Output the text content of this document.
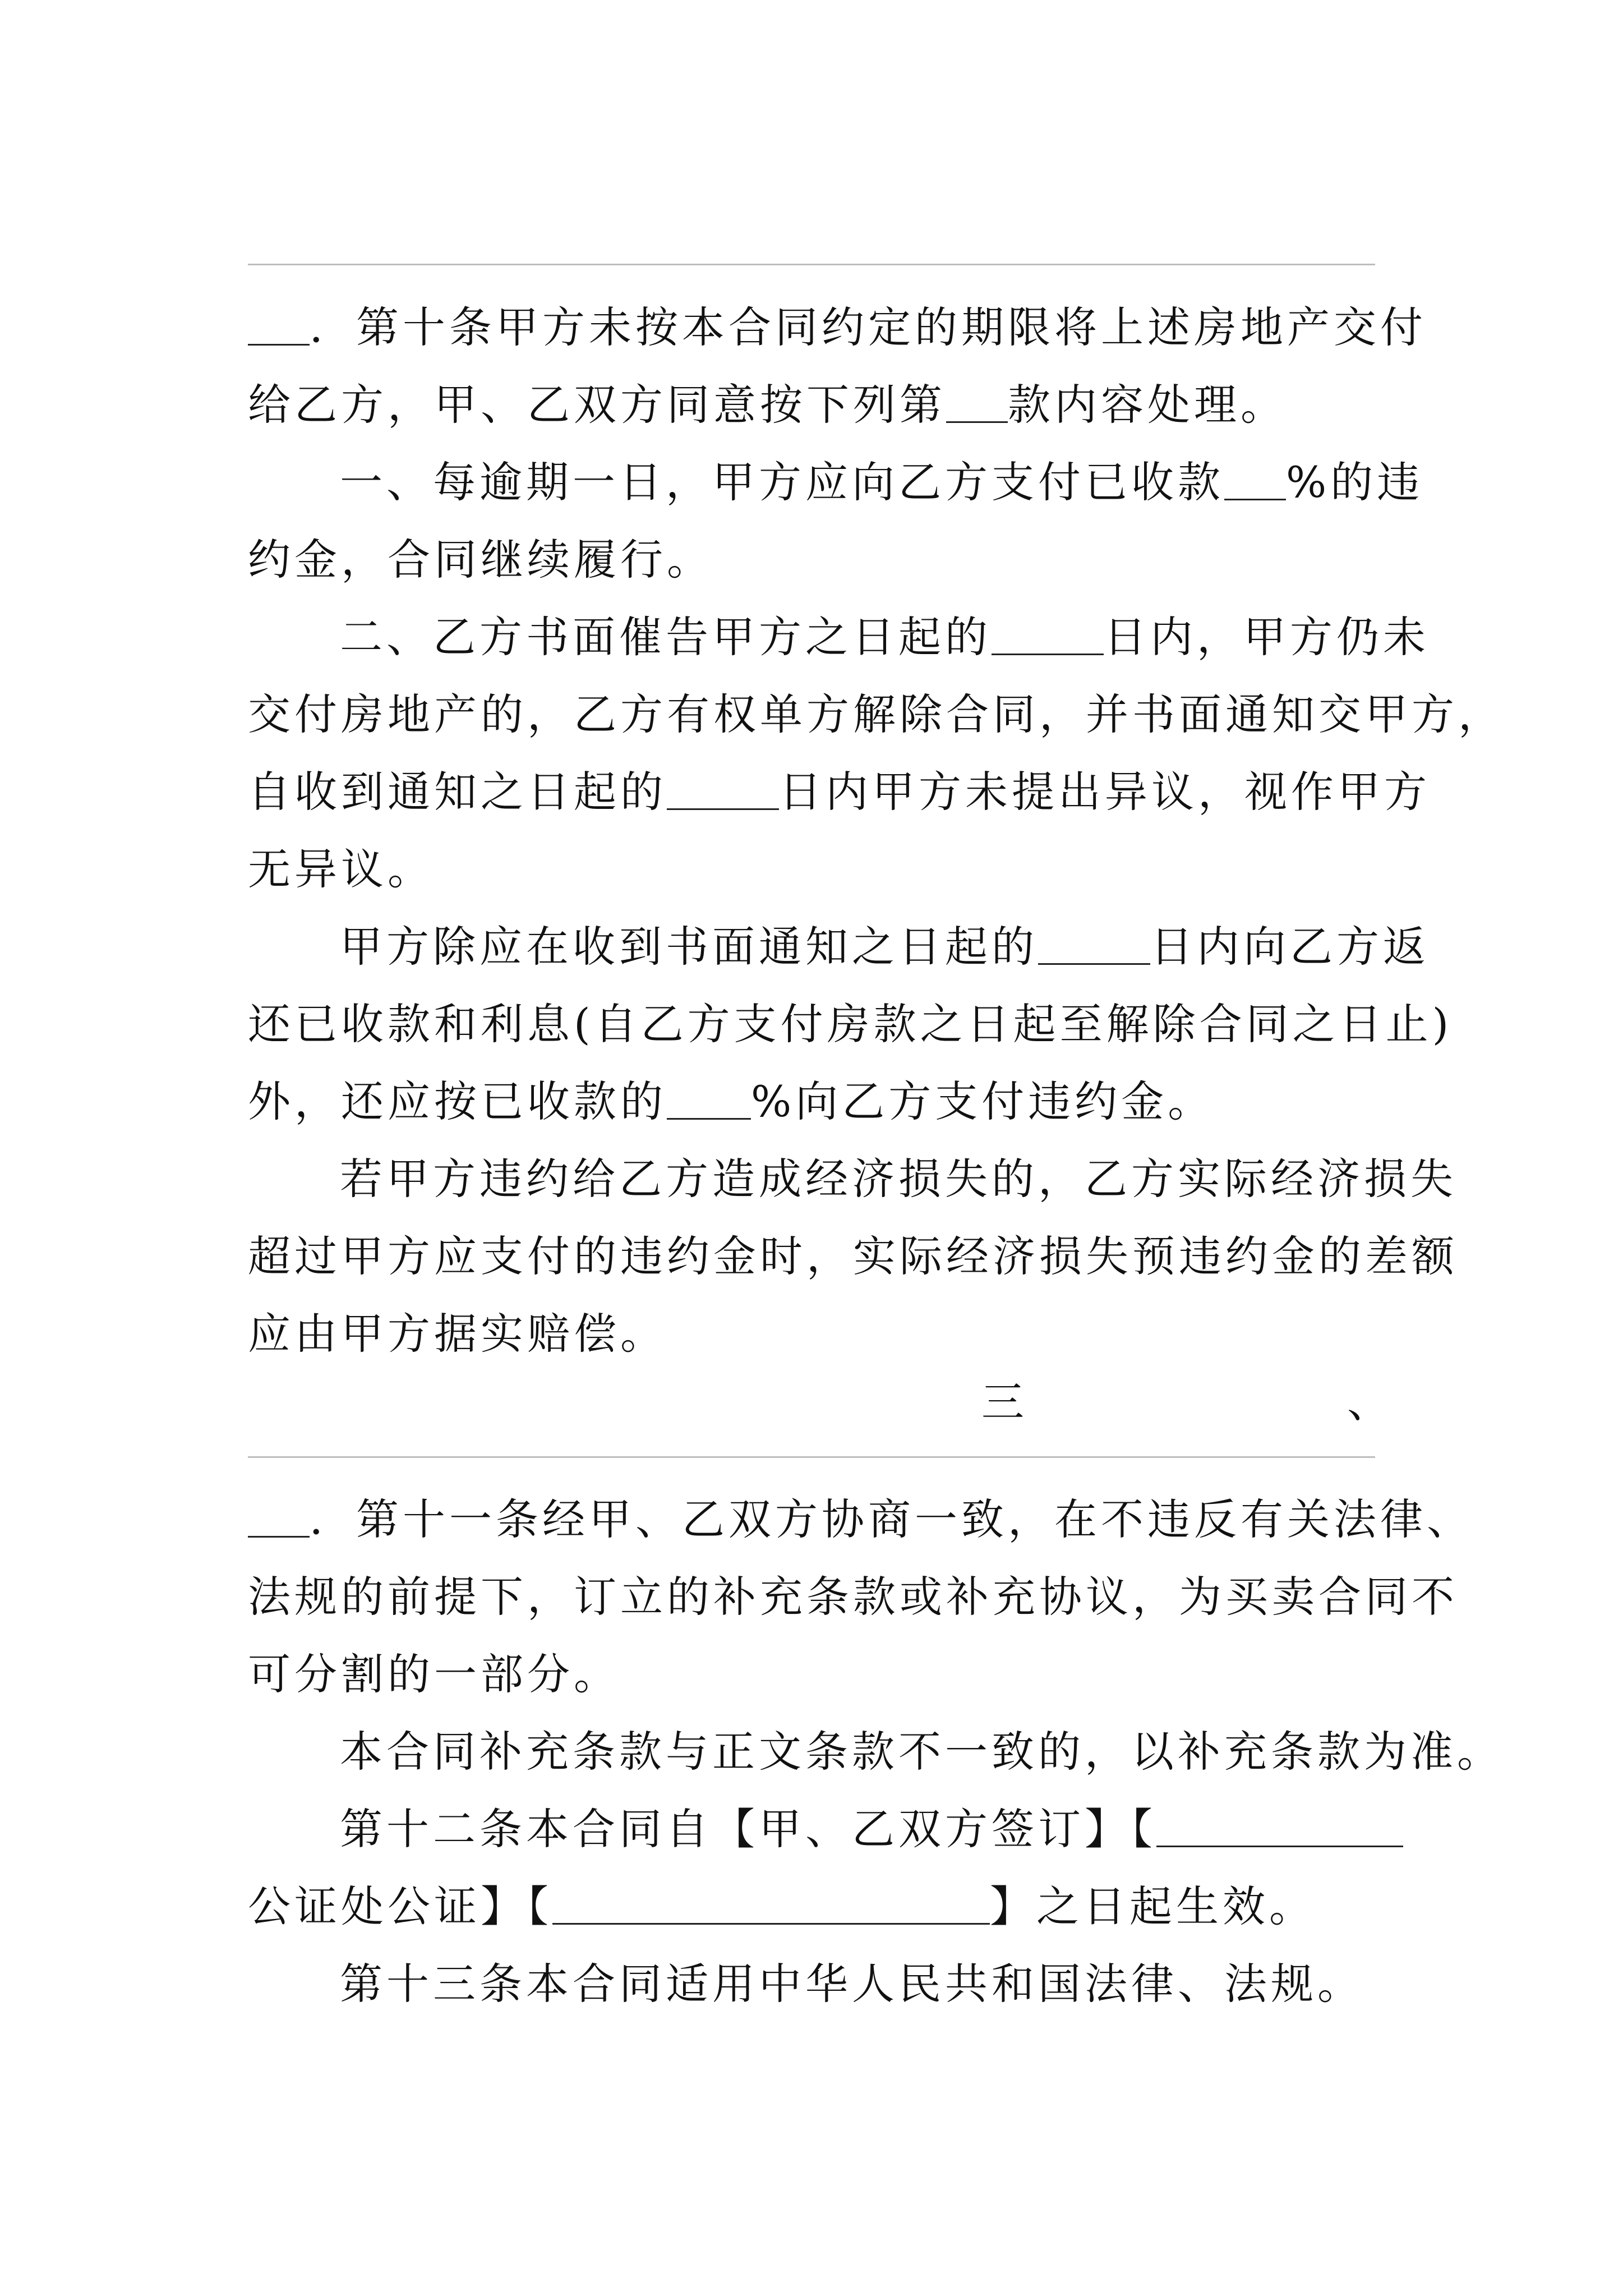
．第十条甲方未按本合同约定的期限将上述房地产交付

给乙方，甲、乙双方同意按下列第 款内容处理。

一、每逾期一日，甲方应向乙方支付已收款 %的违

约金，合同继续履行。

二、乙方书面催告甲方之日起的	日内，甲方仍未

交付房地产的，乙方有权单方解除合同，并书面通知交甲方，

自收到通知之日起的	日内甲方未提出异议，视作甲方

无异议。

甲方除应在收到书面通知之日起的	日内向乙方返

还已收款和利息(自乙方支付房款之日起至解除合同之日止)

外，还应按已收款的 %向乙方支付违约金。

若甲方违约给乙方造成经济损失的，乙方实际经济损失

超过甲方应支付的违约金时，实际经济损失预违约金的差额

应由甲方据实赔偿。

三	、

．第十一条经甲、乙双方协商一致，在不违反有关法律、

法规的前提下，订立的补充条款或补充协议，为买卖合同不

可分割的一部分。

本合同补充条款与正文条款不一致的，以补充条款为准。

第十二条本合同自【甲、乙双方签订】【

公证处公证】【	】之日起生效。

第十三条本合同适用中华人民共和国法律、法规。
